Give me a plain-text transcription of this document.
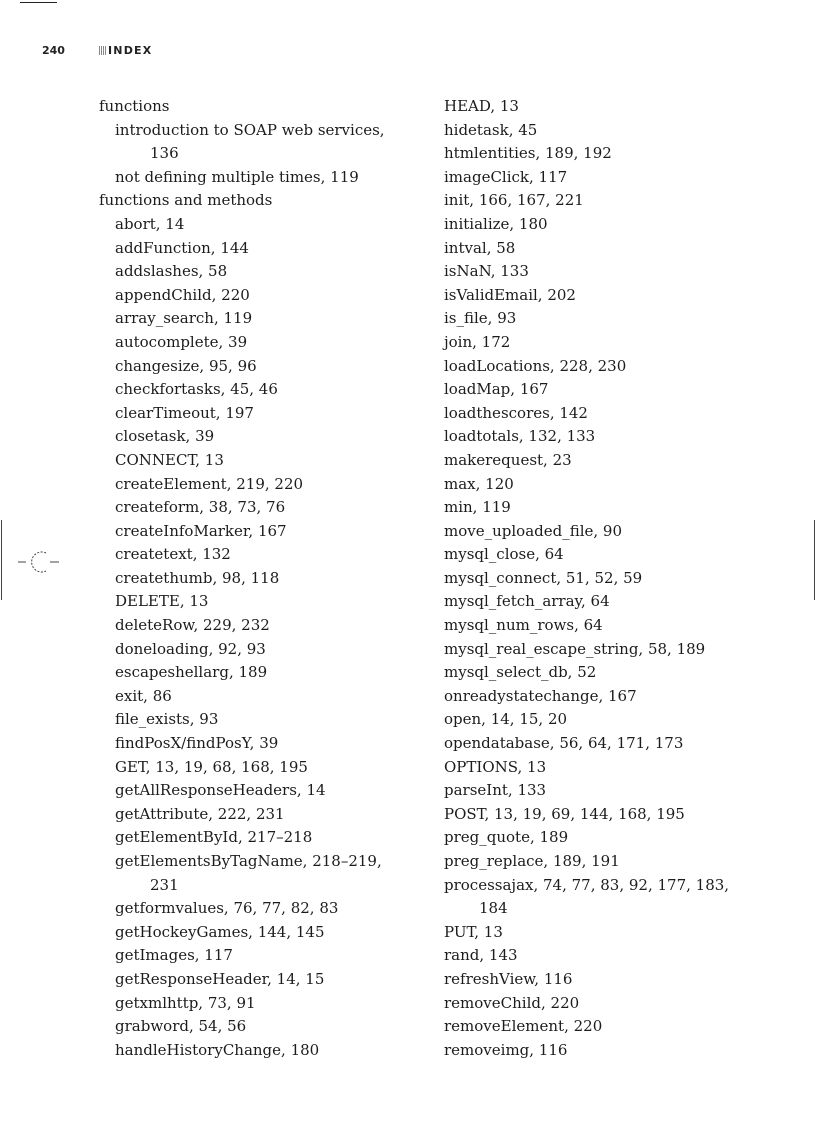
240	INDEX
functions
introduction to SOAP web services,
136
not defining multiple times, 119
functions and methods
abort, 14
addFunction, 144
addslashes, 58
appendChild, 220
array_search, 119
autocomplete, 39
changesize, 95, 96
checkfortasks, 45, 46
clearTimeout, 197
closetask, 39
CONNECT, 13
createElement, 219, 220
createform, 38, 73, 76
createInfoMarker, 167
createtext, 132
createthumb, 98, 118
DELETE, 13
deleteRow, 229, 232
doneloading, 92, 93
escapeshellarg, 189
exit, 86
file_exists, 93
findPosX/findPosY, 39
GET, 13, 19, 68, 168, 195
getAllResponseHeaders, 14
getAttribute, 222, 231
getElementById, 217–218
getElementsByTagName, 218–219,
231
getformvalues, 76, 77, 82, 83
getHockeyGames, 144, 145
getImages, 117
getResponseHeader, 14, 15
getxmlhttp, 73, 91
grabword, 54, 56
handleHistoryChange, 180
HEAD, 13
hidetask, 45
htmlentities, 189, 192
imageClick, 117
init, 166, 167, 221
initialize, 180
intval, 58
isNaN, 133
isValidEmail, 202
is_file, 93
join, 172
loadLocations, 228, 230
loadMap, 167
loadthescores, 142
loadtotals, 132, 133
makerequest, 23
max, 120
min, 119
move_uploaded_file, 90
mysql_close, 64
mysql_connect, 51, 52, 59
mysql_fetch_array, 64
mysql_num_rows, 64
mysql_real_escape_string, 58, 189
mysql_select_db, 52
onreadystatechange, 167
open, 14, 15, 20
opendatabase, 56, 64, 171, 173
OPTIONS, 13
parseInt, 133
POST, 13, 19, 69, 144, 168, 195
preg_quote, 189
preg_replace, 189, 191
processajax, 74, 77, 83, 92, 177, 183,
184
PUT, 13
rand, 143
refreshView, 116
removeChild, 220
removeElement, 220
removeimg, 116
